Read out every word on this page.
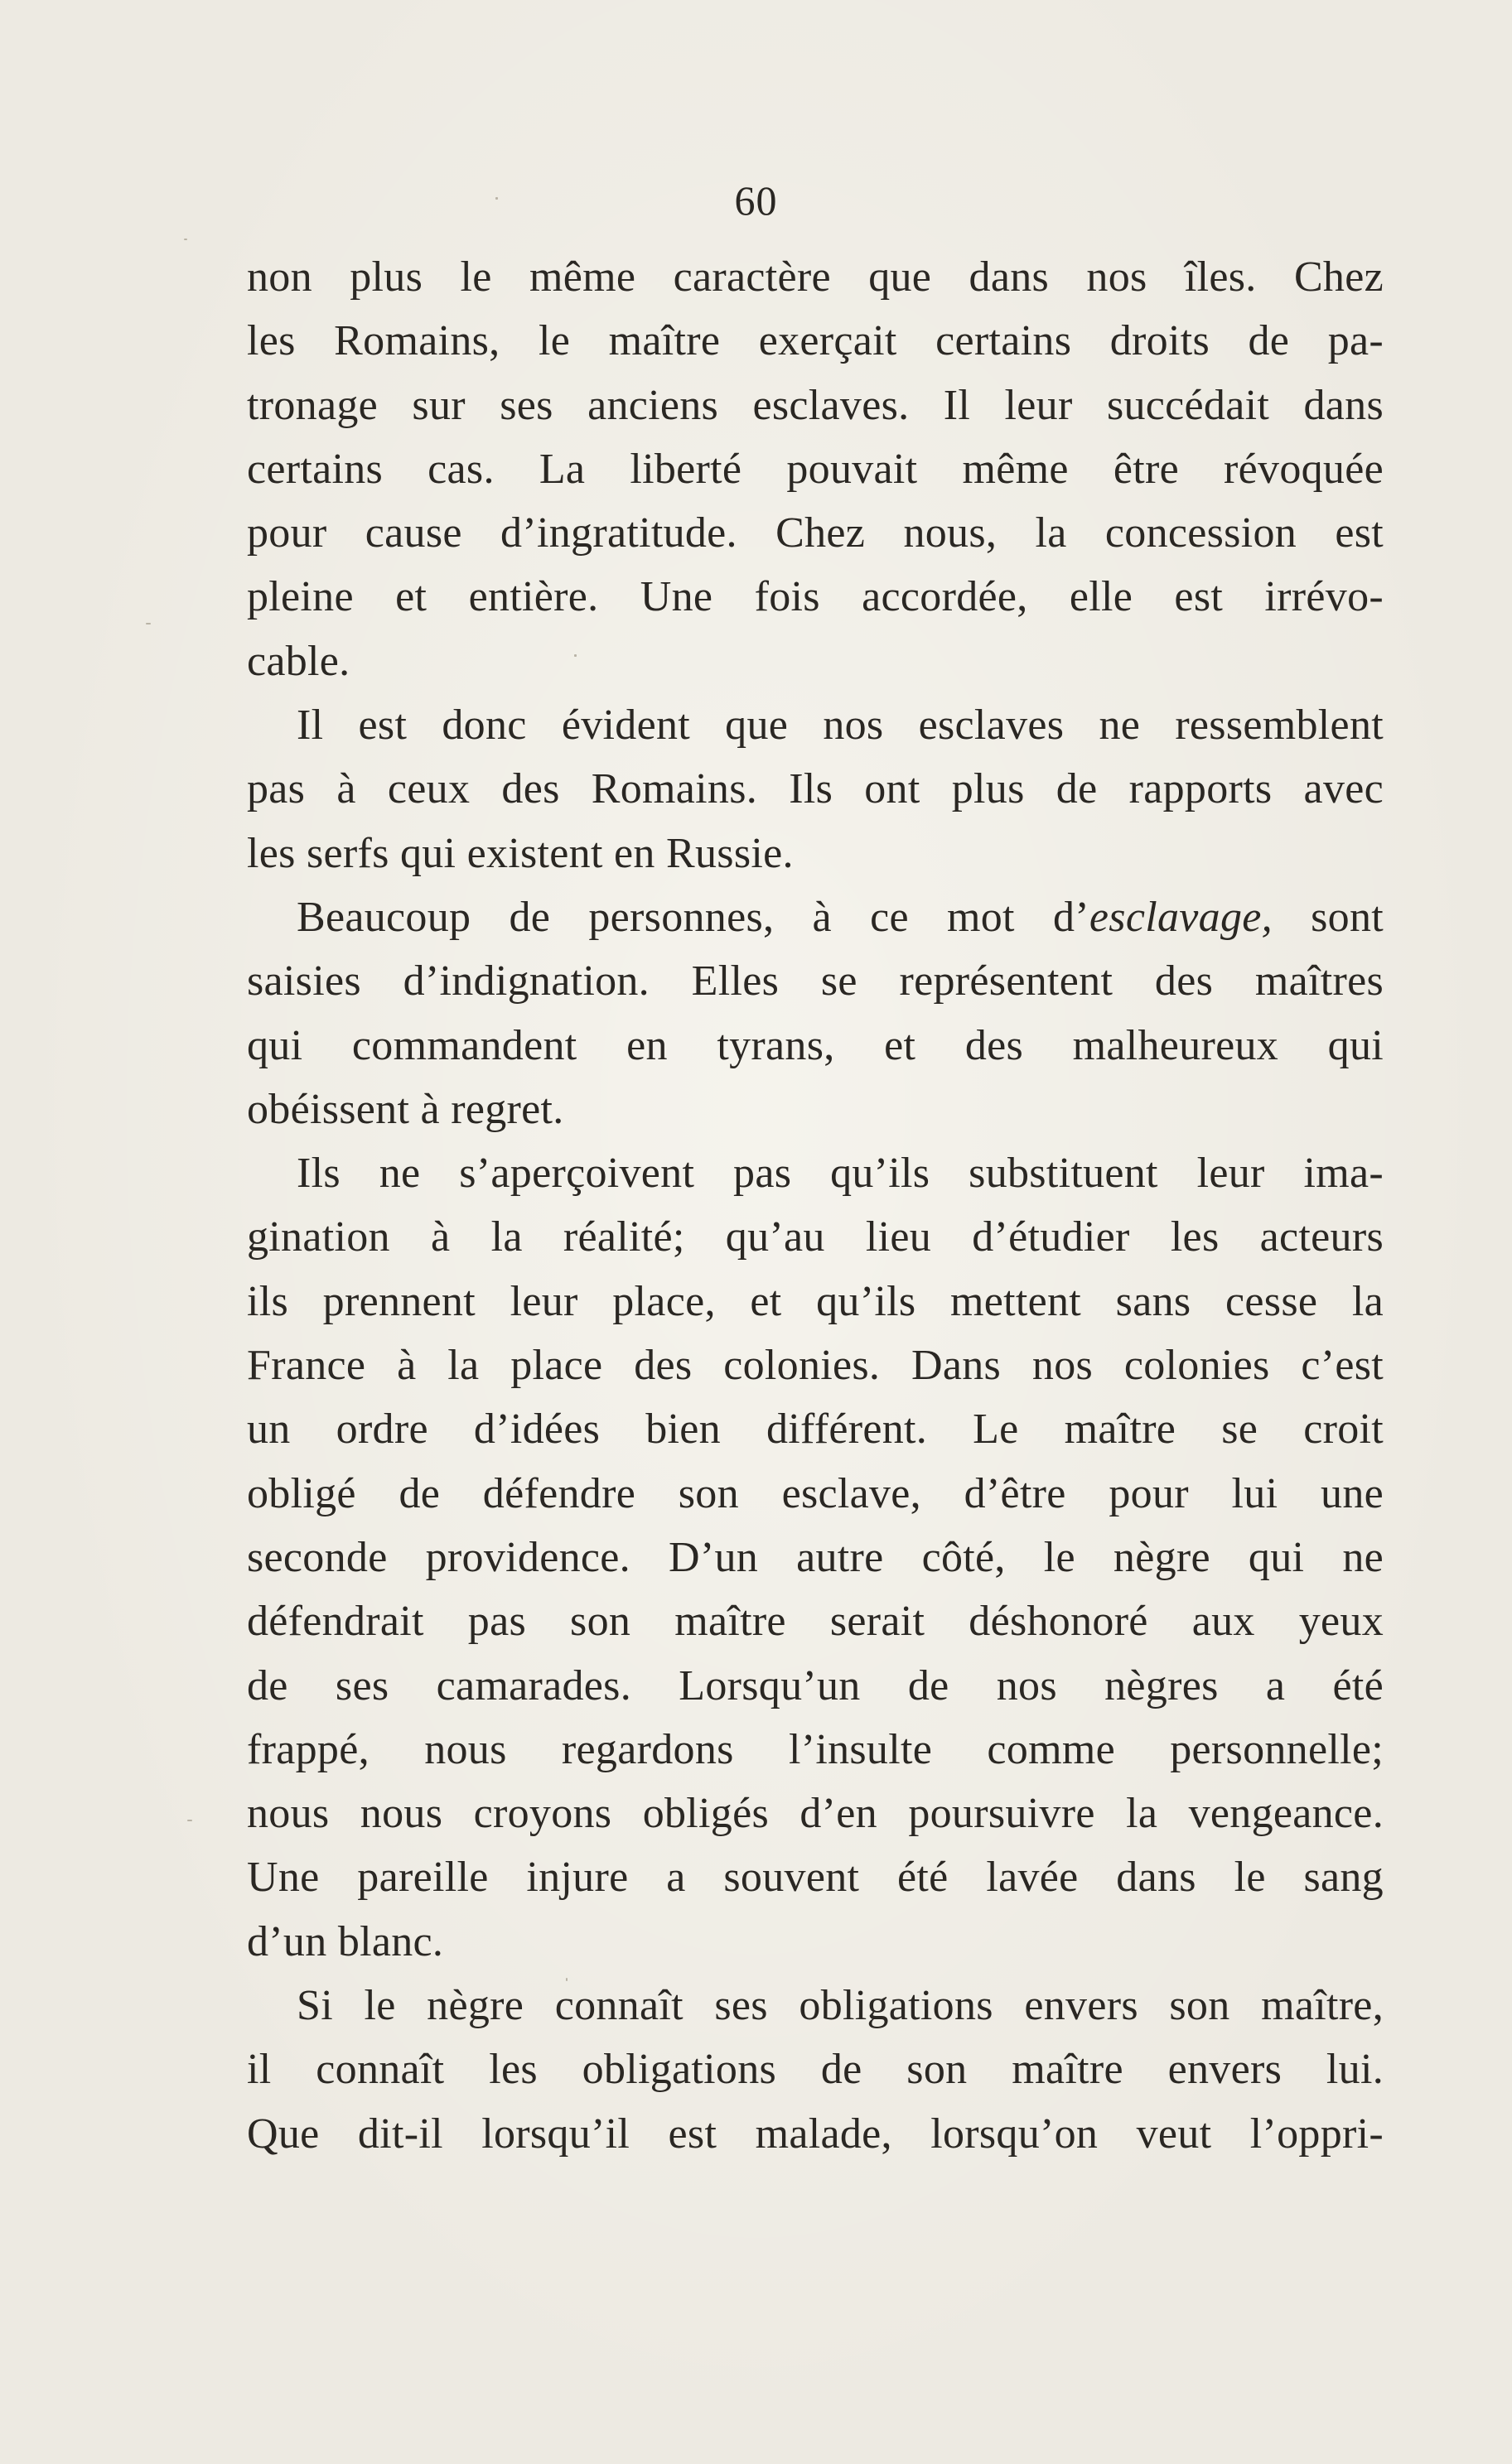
60
non plus le même caractère que dans nos îles. Chez
les Romains, le maître exerçait certains droits de pa-
tronage sur ses anciens esclaves. Il leur succédait dans
certains cas. La liberté pouvait même être révoquée
pour cause d’ingratitude. Chez nous, la concession est
pleine et entière. Une fois accordée, elle est irrévo-
cable.
Il est donc évident que nos esclaves ne ressemblent
pas à ceux des Romains. Ils ont plus de rapports avec
les serfs qui existent en Russie.
Beaucoup de personnes, à ce mot d’esclavage, sont
saisies d’indignation. Elles se représentent des maîtres
qui commandent en tyrans, et des malheureux qui
obéissent à regret.
Ils ne s’aperçoivent pas qu’ils substituent leur ima-
gination à la réalité; qu’au lieu d’étudier les acteurs
ils prennent leur place, et qu’ils mettent sans cesse la
France à la place des colonies. Dans nos colonies c’est
un ordre d’idées bien différent. Le maître se croit
obligé de défendre son esclave, d’être pour lui une
seconde providence. D’un autre côté, le nègre qui ne
défendrait pas son maître serait déshonoré aux yeux
de ses camarades. Lorsqu’un de nos nègres a été
frappé, nous regardons l’insulte comme personnelle;
nous nous croyons obligés d’en poursuivre la vengeance.
Une pareille injure a souvent été lavée dans le sang
d’un blanc.
Si le nègre connaît ses obligations envers son maître,
il connaît les obligations de son maître envers lui.
Que dit-il lorsqu’il est malade, lorsqu’on veut l’oppri-
